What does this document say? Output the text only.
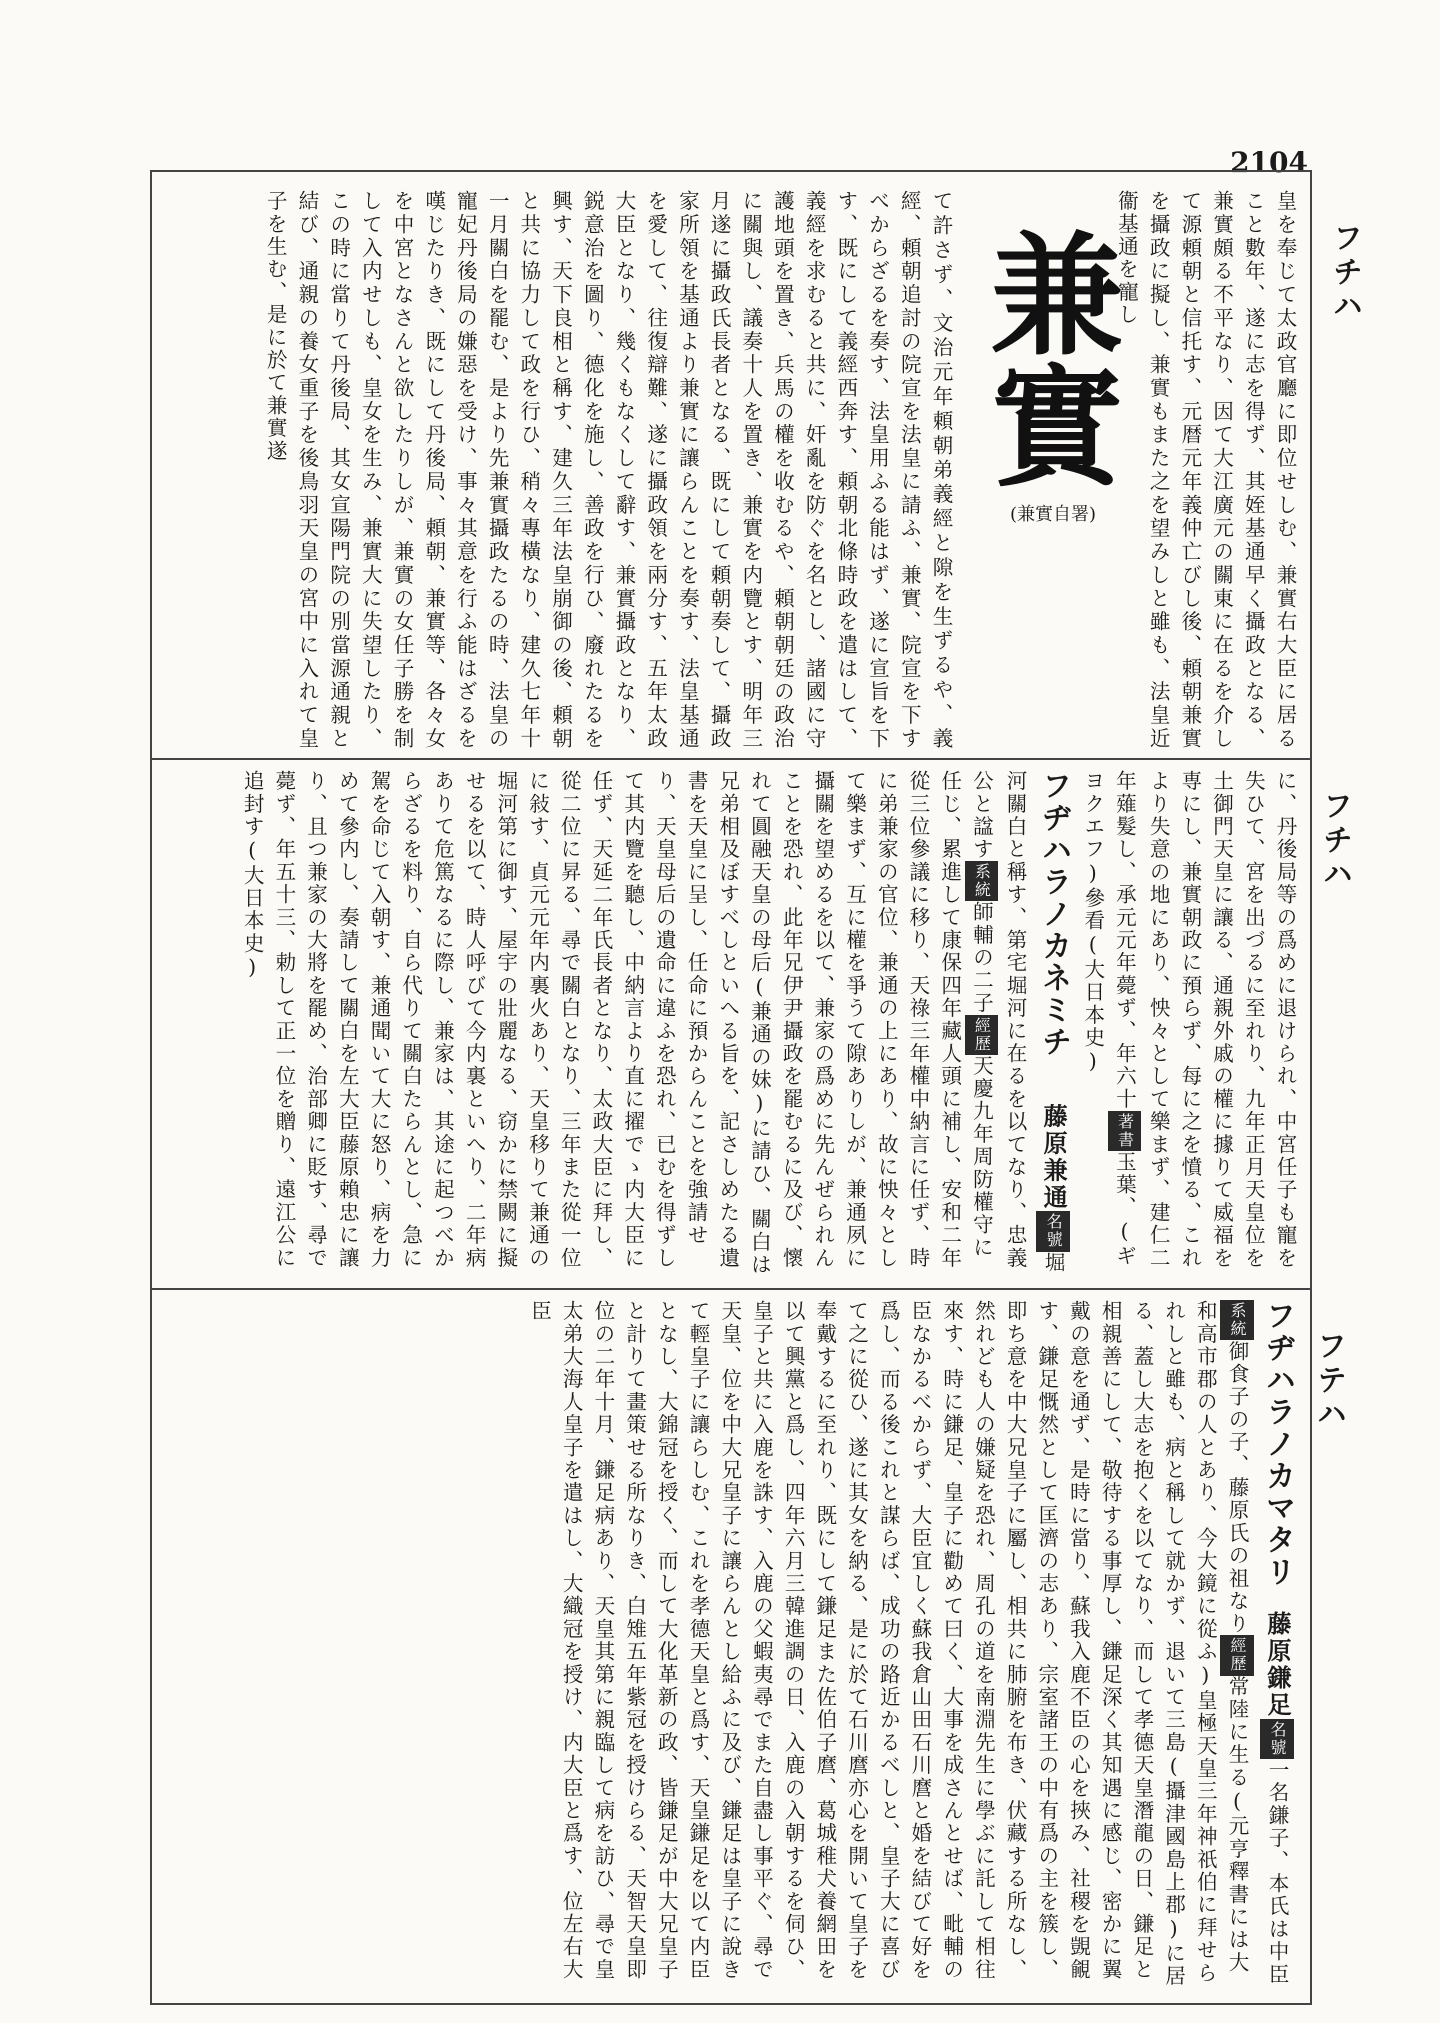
2104
フチハ
フチハ
フテハ
兼實
(兼實自署)	皇を奉じて太政官廳に即位せしむ、兼實右大臣に居ること數年、遂に志を得ず、其姪基通早く攝政となる、兼實頗る不平なり、因て大江廣元の關東に在るを介して源頼朝と信托す、元暦元年義仲亡びし後、頼朝兼實を攝政に擬し、兼實もまた之を望みしと雖も、法皇近衞基通を寵し
て許さず、文治元年頼朝弟義經と隙を生ずるや、義經、頼朝追討の院宣を法皇に請ふ、兼實、院宣を下すべからざるを奏す、法皇用ふる能はず、遂に宣旨を下す、既にして義經西奔す、頼朝北條時政を遣はして、義經を求むると共に、奸亂を防ぐを名とし、諸國に守護地頭を置き、兵馬の權を收むるや、頼朝朝廷の政治に關與し、議奏十人を置き、兼實を内覽とす、明年三月遂に攝政氏長者となる、既にして頼朝奏して、攝政家所領を基通より兼實に讓らんことを奏す、法皇基通を愛して、往復辯難、遂に攝政領を兩分す、五年太政大臣となり、幾くもなくして辭す、兼實攝政となり、鋭意治を圖り、德化を施し、善政を行ひ、廢れたるを興す、天下良相と稱す、建久三年法皇崩御の後、頼朝と共に協力して政を行ひ、稍々專橫なり、建久七年十一月關白を罷む、是より先兼實攝政たるの時、法皇の寵妃丹後局の嫌惡を受け、事々其意を行ふ能はざるを嘆じたりき、既にして丹後局、頼朝、兼實等、各々女を中宮となさんと欲したりしが、兼實の女任子勝を制して入内せしも、皇女を生み、兼實大に失望したり、この時に當りて丹後局、其女宣陽門院の別當源通親と結び、通親の養女重子を後鳥羽天皇の宮中に入れて皇子を生む、是に於て兼實遂
に、丹後局等の爲めに退けられ、中宮任子も寵を失ひて、宮を出づるに至れり、九年正月天皇位を土御門天皇に讓る、通親外戚の權に據りて威福を専にし、兼實朝政に預らず、每に之を憤る、これより失意の地にあり、怏々として樂まず、建仁二年薙髮し、承元元年薨ず、年六十著書玉葉、(ギヨクエフ)參看(大日本史)
フヂハラノカネミチ　　藤原兼通名號堀河關白と稱す、第宅堀河に在るを以てなり、忠義公と諡す系統師輔の二子經歷天慶九年周防權守に任じ、累進して康保四年藏人頭に補し、安和二年從三位參議に移り、天祿三年權中納言に任ず、時に弟兼家の官位、兼通の上にあり、故に怏々として樂まず、互に權を爭うて隙ありしが、兼通夙に攝關を望めるを以て、兼家の爲めに先んぜられんことを恐れ、此年兄伊尹攝政を罷むるに及び、懷れて圓融天皇の母后(兼通の妹)に請ひ、關白は兄弟相及ぼすべしといへる旨を、記さしめたる遺書を天皇に呈し、任命に預からんことを強請せり、天皇母后の遺命に違ふを恐れ、已むを得ずして其内覽を聽し、中納言より直に擢でゝ内大臣に任ず、天延二年氏長者となり、太政大臣に拜し、從二位に昇る、尋で關白となり、三年また從一位に敍す、貞元元年内裏火あり、天皇移りて兼通の堀河第に御す、屋宇の壯麗なる、窃かに禁闕に擬せるを以て、時人呼びて今内裏といへり、二年病ありて危篤なるに際し、兼家は、其途に起つべからざるを料り、自ら代りて關白たらんとし、急に駕を命じて入朝す、兼通聞いて大に怒り、病を力めて參内し、奏請して關白を左大臣藤原賴忠に讓り、且つ兼家の大將を罷め、治部卿に貶す、尋で薨ず、年五十三、勅して正一位を贈り、遠江公に追封す(大日本史)
フヂハラノカマタリ　藤原鎌足名號一名鎌子、本氏は中臣系統御食子の子、藤原氏の祖なり經歷常陸に生る(元亨釋書には大和高市郡の人とあり、今大鏡に從ふ)皇極天皇三年神祇伯に拜せられしと雖も、病と稱して就かず、退いて三島(攝津國島上郡)に居る、蓋し大志を抱くを以てなり、而して孝德天皇潛龍の日、鎌足と相親善にして、敬待する事厚し、鎌足深く其知遇に感じ、密かに翼戴の意を通ず、是時に當り、蘇我入鹿不臣の心を挾み、社稷を覬覦す、鎌足慨然として匡濟の志あり、宗室諸王の中有爲の主を簇し、即ち意を中大兄皇子に屬し、相共に肺腑を布き、伏藏する所なし、然れども人の嫌疑を恐れ、周孔の道を南淵先生に學ぶに託して相往來す、時に鎌足、皇子に勸めて曰く、大事を成さんとせば、毗輔の臣なかるべからず、大臣宜しく蘇我倉山田石川麿と婚を結びて好を爲し、而る後これと謀らば、成功の路近かるべしと、皇子大に喜びて之に從ひ、遂に其女を納る、是に於て石川麿亦心を開いて皇子を奉戴するに至れり、既にして鎌足また佐伯子麿、葛城稚犬養網田を以て興黨と爲し、四年六月三韓進調の日、入鹿の入朝するを伺ひ、皇子と共に入鹿を誅す、入鹿の父蝦夷尋でまた自盡し事平ぐ、尋で天皇、位を中大兄皇子に讓らんとし給ふに及び、鎌足は皇子に說きて輕皇子に讓らしむ、これを孝德天皇と爲す、天皇鎌足を以て内臣となし、大錦冠を授く、而して大化革新の政、皆鎌足が中大兄皇子と計りて畫策せる所なりき、白雉五年紫冠を授けらる、天智天皇即位の二年十月、鎌足病あり、天皇其第に親臨して病を訪ひ、尋で皇太弟大海人皇子を遣はし、大織冠を授け、内大臣と爲す、位左右大臣
